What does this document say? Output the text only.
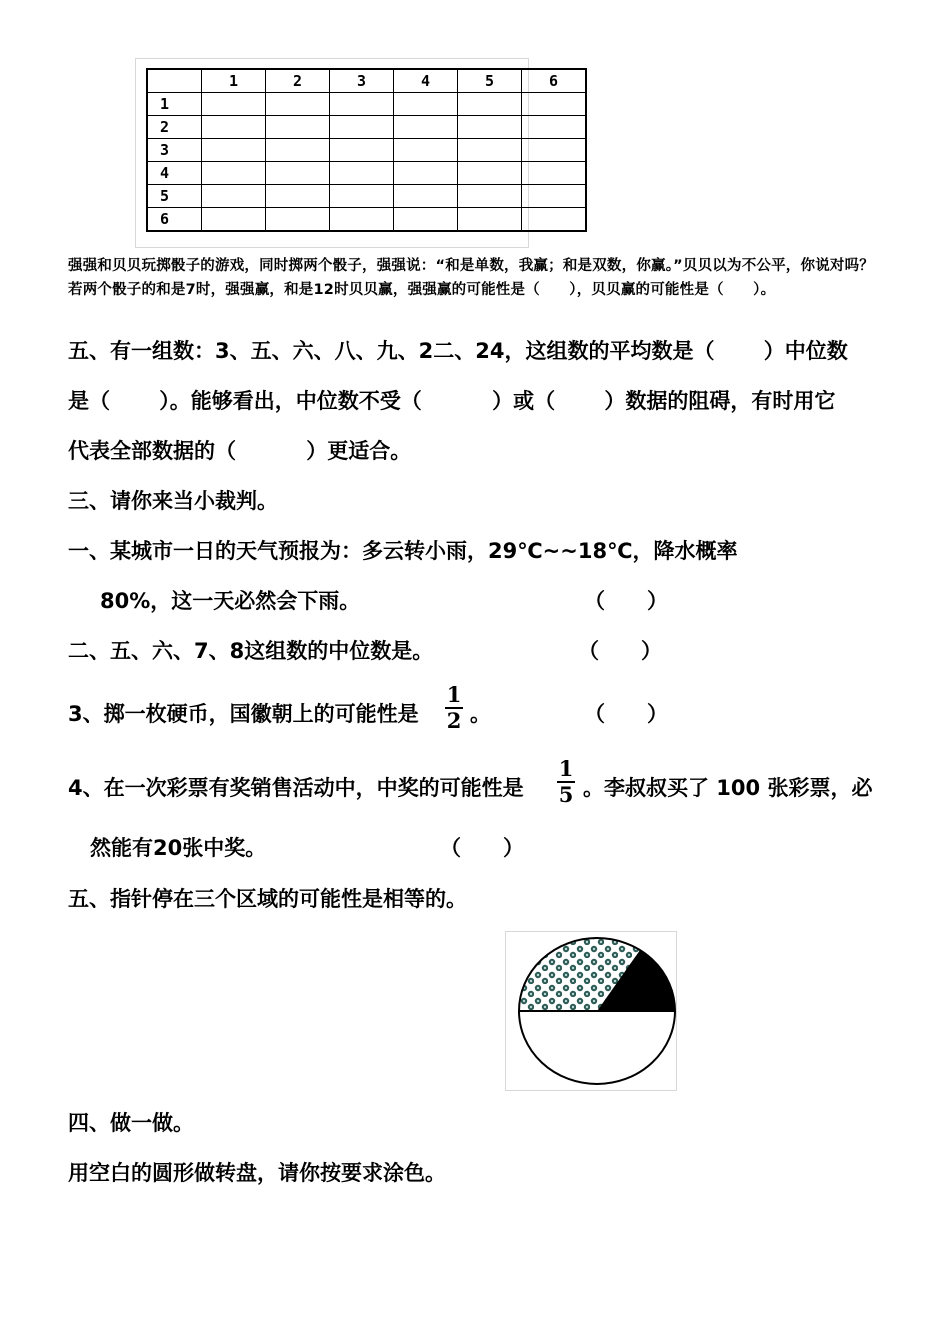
	1	2	3	4	5	6
1						
2						
3						
4						
5						
6						
强强和贝贝玩掷骰子的游戏，同时掷两个骰子，强强说：“和是单数，我赢；和是双数，你赢。”贝贝以为不公平，你说对吗？若两个骰子的和是7时，强强赢，和是12时贝贝赢，强强赢的可能性是（　　），贝贝赢的可能性是（　　）。
五、有一组数：3、五、六、八、九、2二、24，这组数的平均数是（　　 ）中位数
是（　　 ）。能够看出，中位数不受（　　　 ）或（　　 ）数据的阻碍，有时用它
代表全部数据的（　　　 ）更适合。
三、请你来当小裁判。
一、某城市一日的天气预报为：多云转小雨，29℃~~18℃，降水概率
80%，这一天必然会下雨。	（　　）
二、五、六、7、8这组数的中位数是。	（　　）
3、掷一枚硬币，国徽朝上的可能性是
1
2 。	（　　）
4、在一次彩票有奖销售活动中，中奖的可能性是
1
5 。李叔叔买了 100 张彩票，必
然能有20张中奖。	（　　）
五、指针停在三个区域的可能性是相等的。
四、做一做。
用空白的圆形做转盘，请你按要求涂色。
